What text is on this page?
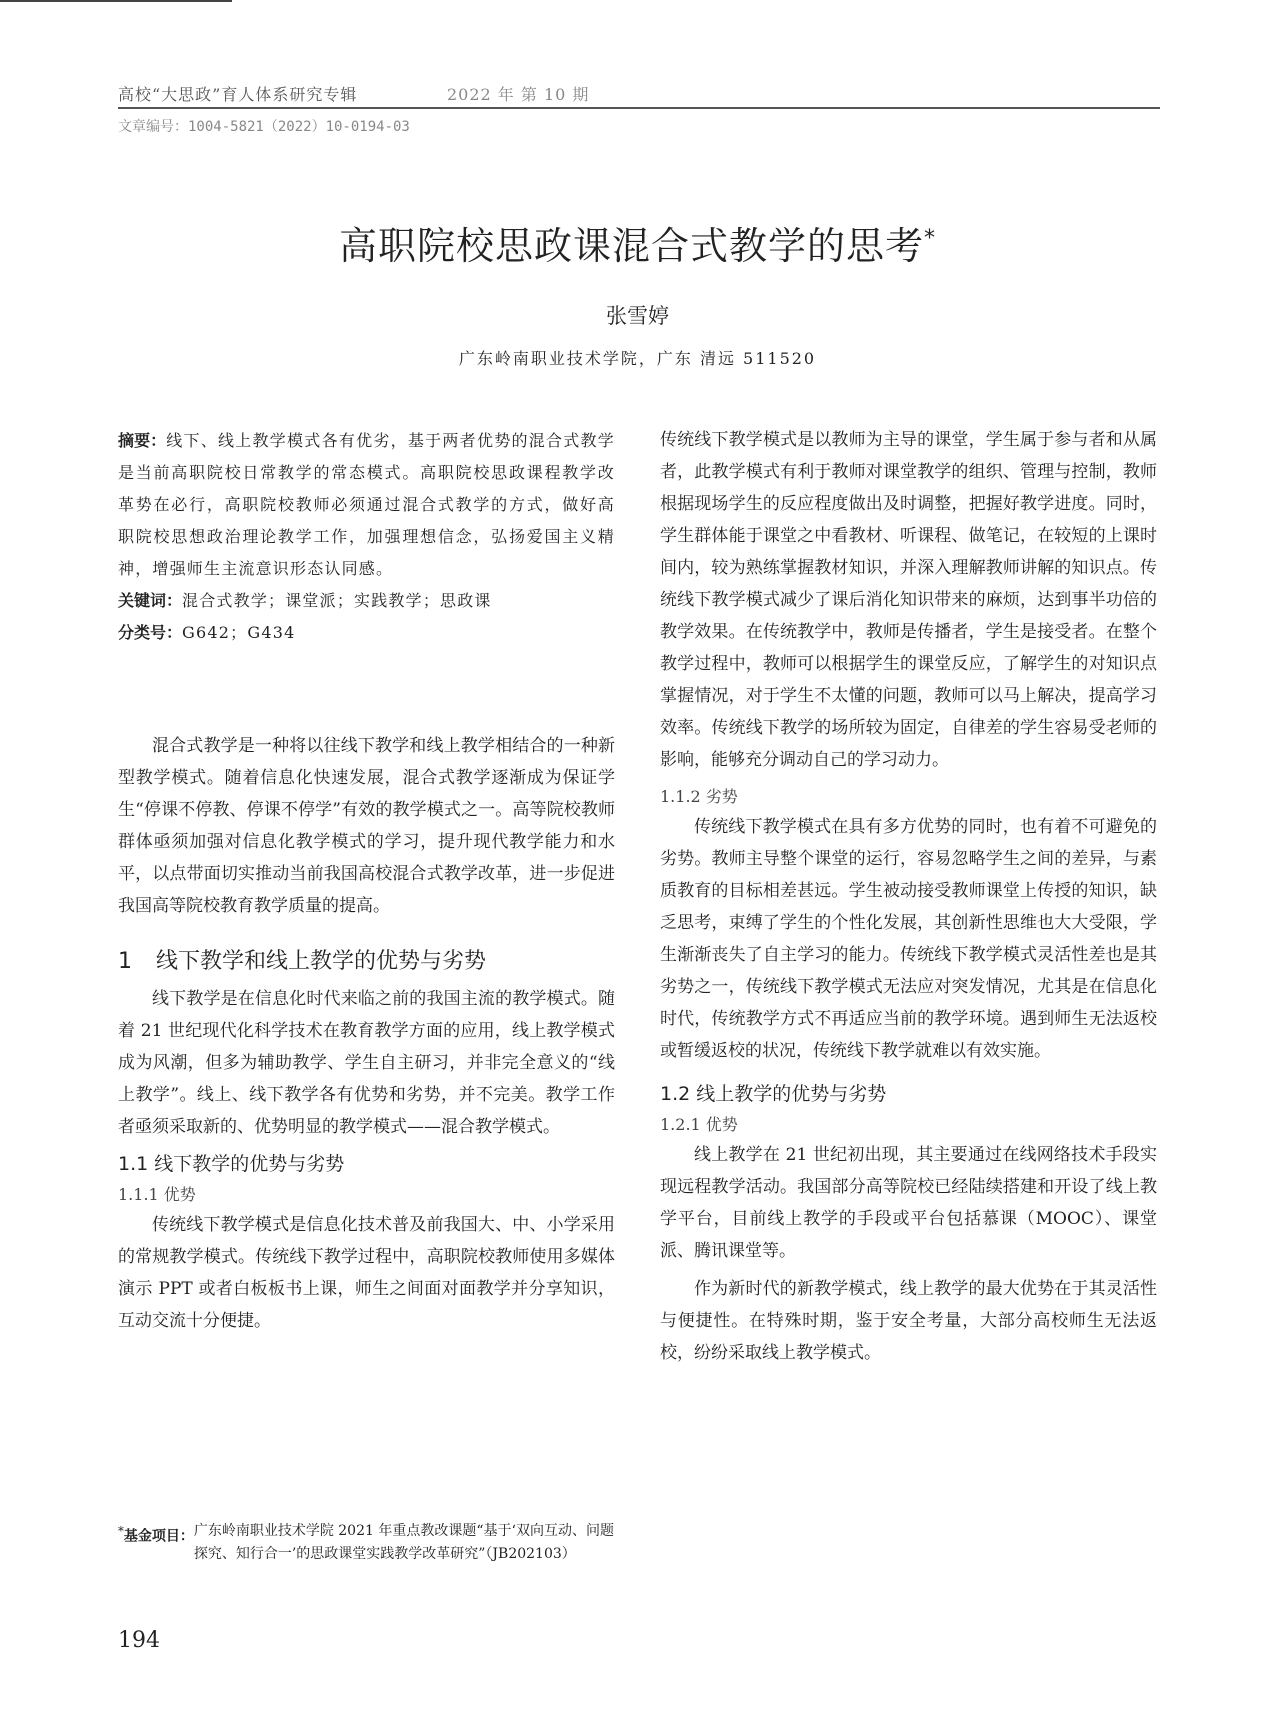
高校“大思政”育人体系研究专辑	2022 年 第 10 期
文章编号：1004-5821（2022）10-0194-03
高职院校思政课混合式教学的思考*
张雪婷
广东岭南职业技术学院，广东 清远 511520
摘要：线下、线上教学模式各有优劣，基于两者优势的混合式教学是当前高职院校日常教学的常态模式。高职院校思政课程教学改革势在必行，高职院校教师必须通过混合式教学的方式，做好高职院校思想政治理论教学工作，加强理想信念，弘扬爱国主义精神，增强师生主流意识形态认同感。
关键词：混合式教学；课堂派；实践教学；思政课
分类号：G642；G434

混合式教学是一种将以往线下教学和线上教学相结合的一种新型教学模式。随着信息化快速发展，混合式教学逐渐成为保证学生“停课不停教、停课不停学”有效的教学模式之一。高等院校教师群体亟须加强对信息化教学模式的学习，提升现代教学能力和水平，以点带面切实推动当前我国高校混合式教学改革，进一步促进我国高等院校教育教学质量的提高。

1 线下教学和线上教学的优势与劣势

线下教学是在信息化时代来临之前的我国主流的教学模式。随着 21 世纪现代化科学技术在教育教学方面的应用，线上教学模式成为风潮，但多为辅助教学、学生自主研习，并非完全意义的“线上教学”。线上、线下教学各有优势和劣势，并不完美。教学工作者亟须采取新的、优势明显的教学模式——混合教学模式。

1.1 线下教学的优势与劣势
1.1.1 优势

传统线下教学模式是信息化技术普及前我国大、中、小学采用的常规教学模式。传统线下教学过程中，高职院校教师使用多媒体演示 PPT 或者白板板书上课，师生之间面对面教学并分享知识，互动交流十分便捷。

传统线下教学模式是以教师为主导的课堂，学生属于参与者和从属者，此教学模式有利于教师对课堂教学的组织、管理与控制，教师根据现场学生的反应程度做出及时调整，把握好教学进度。同时，学生群体能于课堂之中看教材、听课程、做笔记，在较短的上课时间内，较为熟练掌握教材知识，并深入理解教师讲解的知识点。传统线下教学模式减少了课后消化知识带来的麻烦，达到事半功倍的教学效果。在传统教学中，教师是传播者，学生是接受者。在整个教学过程中，教师可以根据学生的课堂反应，了解学生的对知识点掌握情况，对于学生不太懂的问题，教师可以马上解决，提高学习效率。传统线下教学的场所较为固定，自律差的学生容易受老师的影响，能够充分调动自己的学习动力。

1.1.2 劣势

传统线下教学模式在具有多方优势的同时，也有着不可避免的劣势。教师主导整个课堂的运行，容易忽略学生之间的差异，与素质教育的目标相差甚远。学生被动接受教师课堂上传授的知识，缺乏思考，束缚了学生的个性化发展，其创新性思维也大大受限，学生渐渐丧失了自主学习的能力。传统线下教学模式灵活性差也是其劣势之一，传统线下教学模式无法应对突发情况，尤其是在信息化时代，传统教学方式不再适应当前的教学环境。遇到师生无法返校或暂缓返校的状况，传统线下教学就难以有效实施。

1.2 线上教学的优势与劣势
1.2.1 优势

线上教学在 21 世纪初出现，其主要通过在线网络技术手段实现远程教学活动。我国部分高等院校已经陆续搭建和开设了线上教学平台，目前线上教学的手段或平台包括慕课（MOOC）、课堂派、腾讯课堂等。

作为新时代的新教学模式，线上教学的最大优势在于其灵活性与便捷性。在特殊时期，鉴于安全考量，大部分高校师生无法返校，纷纷采取线上教学模式。

*基金项目： 广东岭南职业技术学院 2021 年重点教改课题“基于‘双向互动、问题探究、知行合一’的思政课堂实践教学改革研究”（JB202103）
194
